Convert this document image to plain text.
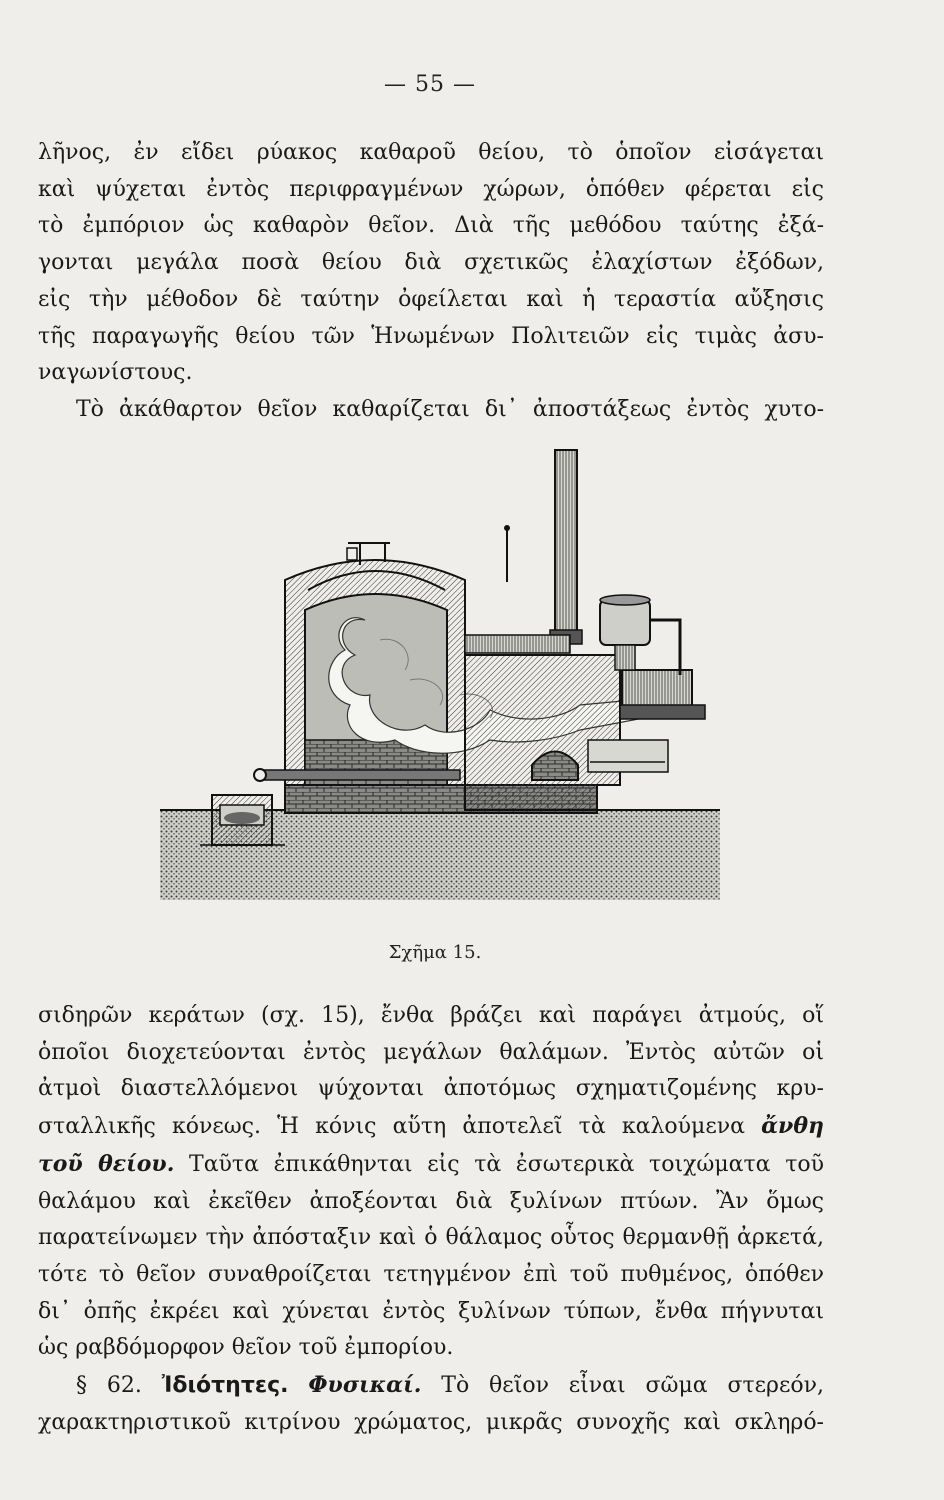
— 55 —
λῆνος, ἐν εἴδει ρύακος καθαροῦ θείου, τὸ ὁποῖον εἰσάγεται
καὶ ψύχεται ἐντὸς περιφραγμένων χώρων, ὁπόθεν φέρεται εἰς
τὸ ἐμπόριον ὡς καθαρὸν θεῖον. Διὰ τῆς μεθόδου ταύτης ἐξά-
γονται μεγάλα ποσὰ θείου διὰ σχετικῶς ἐλαχίστων ἐξόδων,
εἰς τὴν μέθοδον δὲ ταύτην ὀφείλεται καὶ ἡ τεραστία αὔξησις
τῆς παραγωγῆς θείου τῶν Ἡνωμένων Πολιτειῶν εἰς τιμὰς ἀσυ-
ναγωνίστους.
Τὸ ἀκάθαρτον θεῖον καθαρίζεται δι᾽ ἀποστάξεως ἐντὸς χυτο-
Σχῆμα 15.
σιδηρῶν κεράτων (σχ. 15), ἔνθα βράζει καὶ παράγει ἀτμούς, οἵ
ὁποῖοι διοχετεύονται ἐντὸς μεγάλων θαλάμων. Ἐντὸς αὐτῶν οἱ
ἀτμοὶ διαστελλόμενοι ψύχονται ἀποτόμως σχηματιζομένης κρυ-
σταλλικῆς κόνεως. Ἡ κόνις αὕτη ἀποτελεῖ τὰ καλούμενα ἄνθη
τοῦ θείου. Ταῦτα ἐπικάθηνται εἰς τὰ ἐσωτερικὰ τοιχώματα τοῦ
θαλάμου καὶ ἐκεῖθεν ἀποξέονται διὰ ξυλίνων πτύων. Ἂν ὅμως
παρατείνωμεν τὴν ἀπόσταξιν καὶ ὁ θάλαμος οὗτος θερμανθῇ ἀρκετά,
τότε τὸ θεῖον συναθροίζεται τετηγμένον ἐπὶ τοῦ πυθμένος, ὁπόθεν
δι᾽ ὀπῆς ἐκρέει καὶ χύνεται ἐντὸς ξυλίνων τύπων, ἔνθα πήγνυται
ὡς ραβδόμορφον θεῖον τοῦ ἐμπορίου.
§ 62. Ἰδιότητες. Φυσικαί. Τὸ θεῖον εἶναι σῶμα στερεόν,
χαρακτηριστικοῦ κιτρίνου χρώματος, μικρᾶς συνοχῆς καὶ σκληρό-
